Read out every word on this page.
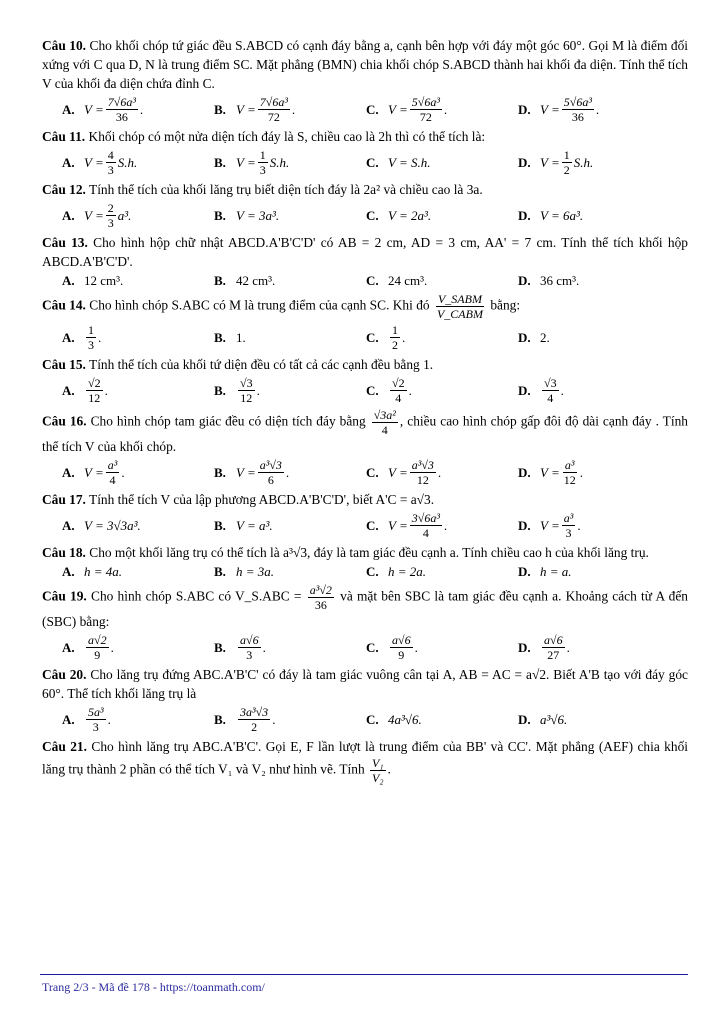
Câu 10. Cho khối chóp tứ giác đều S.ABCD có cạnh đáy bằng a, cạnh bên hợp với đáy một góc 60°. Gọi M là điểm đối xứng với C qua D, N là trung điểm SC. Mặt phẳng (BMN) chia khối chóp S.ABCD thành hai khối đa diện. Tính thể tích V của khối đa diện chứa đỉnh C.

A. $V = \frac{\text{7√6a³}}{36}$ .	B. $V = \frac{\text{7√6a³}}{72}$ .	C. $V = \frac{\text{5√6a³}}{72}$ .	D. $V = \frac{\text{5√6a³}}{36}$ .

Câu 11. Khối chóp có một nửa diện tích đáy là S, chiều cao là 2h thì có thể tích là:

A. $V = \frac{4}{3} S.h$.	B. $V = \frac{1}{3} S.h$.	C. V = S.h.	D. $V = \frac{1}{2} S.h$.

Câu 12. Tính thể tích của khối lăng trụ biết diện tích đáy là 2a² và chiều cao là 3a.

A. $V = \frac{2}{3} a^3$.	B. V = 3a³.	C. V = 2a³.	D. V = 6a³.

Câu 13. Cho hình hộp chữ nhật ABCD.A'B'C'D' có AB = 2 cm, AD = 3 cm, AA' = 7 cm. Tính thể tích khối hộp ABCD.A'B'C'D'.

A. 12 cm³.	B. 42 cm³.	C. 24 cm³.	D. 36 cm³.

Câu 14. Cho hình chóp S.ABC có M là trung điểm của cạnh SC. Khi đó $\frac{\text{V\_SABM}}{\text{V\_CABM}}$ bằng:

A. $\frac{1}{3}$ .	B. 1.	C. $\frac{1}{2}$ .	D. 2.

Câu 15. Tính thể tích của khối tứ diện đều có tất cả các cạnh đều bằng 1.

A. $\frac{√2}{12}$ .	B.	$\frac{√3}{12}$ .	C. $\frac{√2}{4}$ .	D. $\frac{√3}{4}$ .

Câu 16. Cho hình chóp tam giác đều có diện tích đáy bằng $\frac{\text{√3a²}}{4}$ , chiều cao hình chóp gấp đôi độ dài cạnh đáy . Tính thể tích V của khối chóp.

A. $V = \frac{\text{a³}}{4}$ .	B. $V = \frac{\text{a³√3}}{6}$ .	C. $V = \frac{\text{a³√3}}{12}$ .	D. $V = \frac{\text{a³}}{12}$ .

Câu 17. Tính thể tích V của lập phương ABCD.A'B'C'D', biết A'C = a√3.

A. V = 3√3a³.	B. V = a³.	C. $V = \frac{\text{3√6a³}}{4}$ .	D. $V = \frac{\text{a³}}{3}$ .

Câu 18. Cho một khối lăng trụ có thể tích là a³√3, đáy là tam giác đều cạnh a. Tính chiều cao h của khối lăng trụ.

A. h = 4a.	B. h = 3a.	C. h = 2a.	D. h = a.

Câu 19. Cho hình chóp S.ABC có V_S.ABC = $\frac{\text{a³√2}}{36}$ và mặt bên SBC là tam giác đều cạnh a. Khoảng cách từ A đến (SBC) bằng:

A. $\frac{a√2}{9}$ .	B.	$\frac{a√6}{3}$ .	C. $\frac{a√6}{9}$ .	D. $\frac{a√6}{27}$ .

Câu 20. Cho lăng trụ đứng ABC.A'B'C' có đáy là tam giác vuông cân tại A, AB = AC = a√2. Biết A'B tạo với đáy góc 60°. Thể tích khối lăng trụ là

A. $\frac{\text{5a³}}{3}$ .	B.	$\frac{\text{3a³√3}}{2}$ .	C. 4a³√6.	D. a³√6.

Câu 21. Cho hình lăng trụ ABC.A'B'C'. Gọi E, F lần lượt là trung điểm của BB' và CC'. Mặt phẳng (AEF) chia khối lăng trụ thành 2 phần có thể tích V₁ và V₂ như hình vẽ. Tính $\frac{\text{V₁}}{\text{V₂}}$ .

Trang 2/3 - Mã đề 178 - https://toanmath.com/
